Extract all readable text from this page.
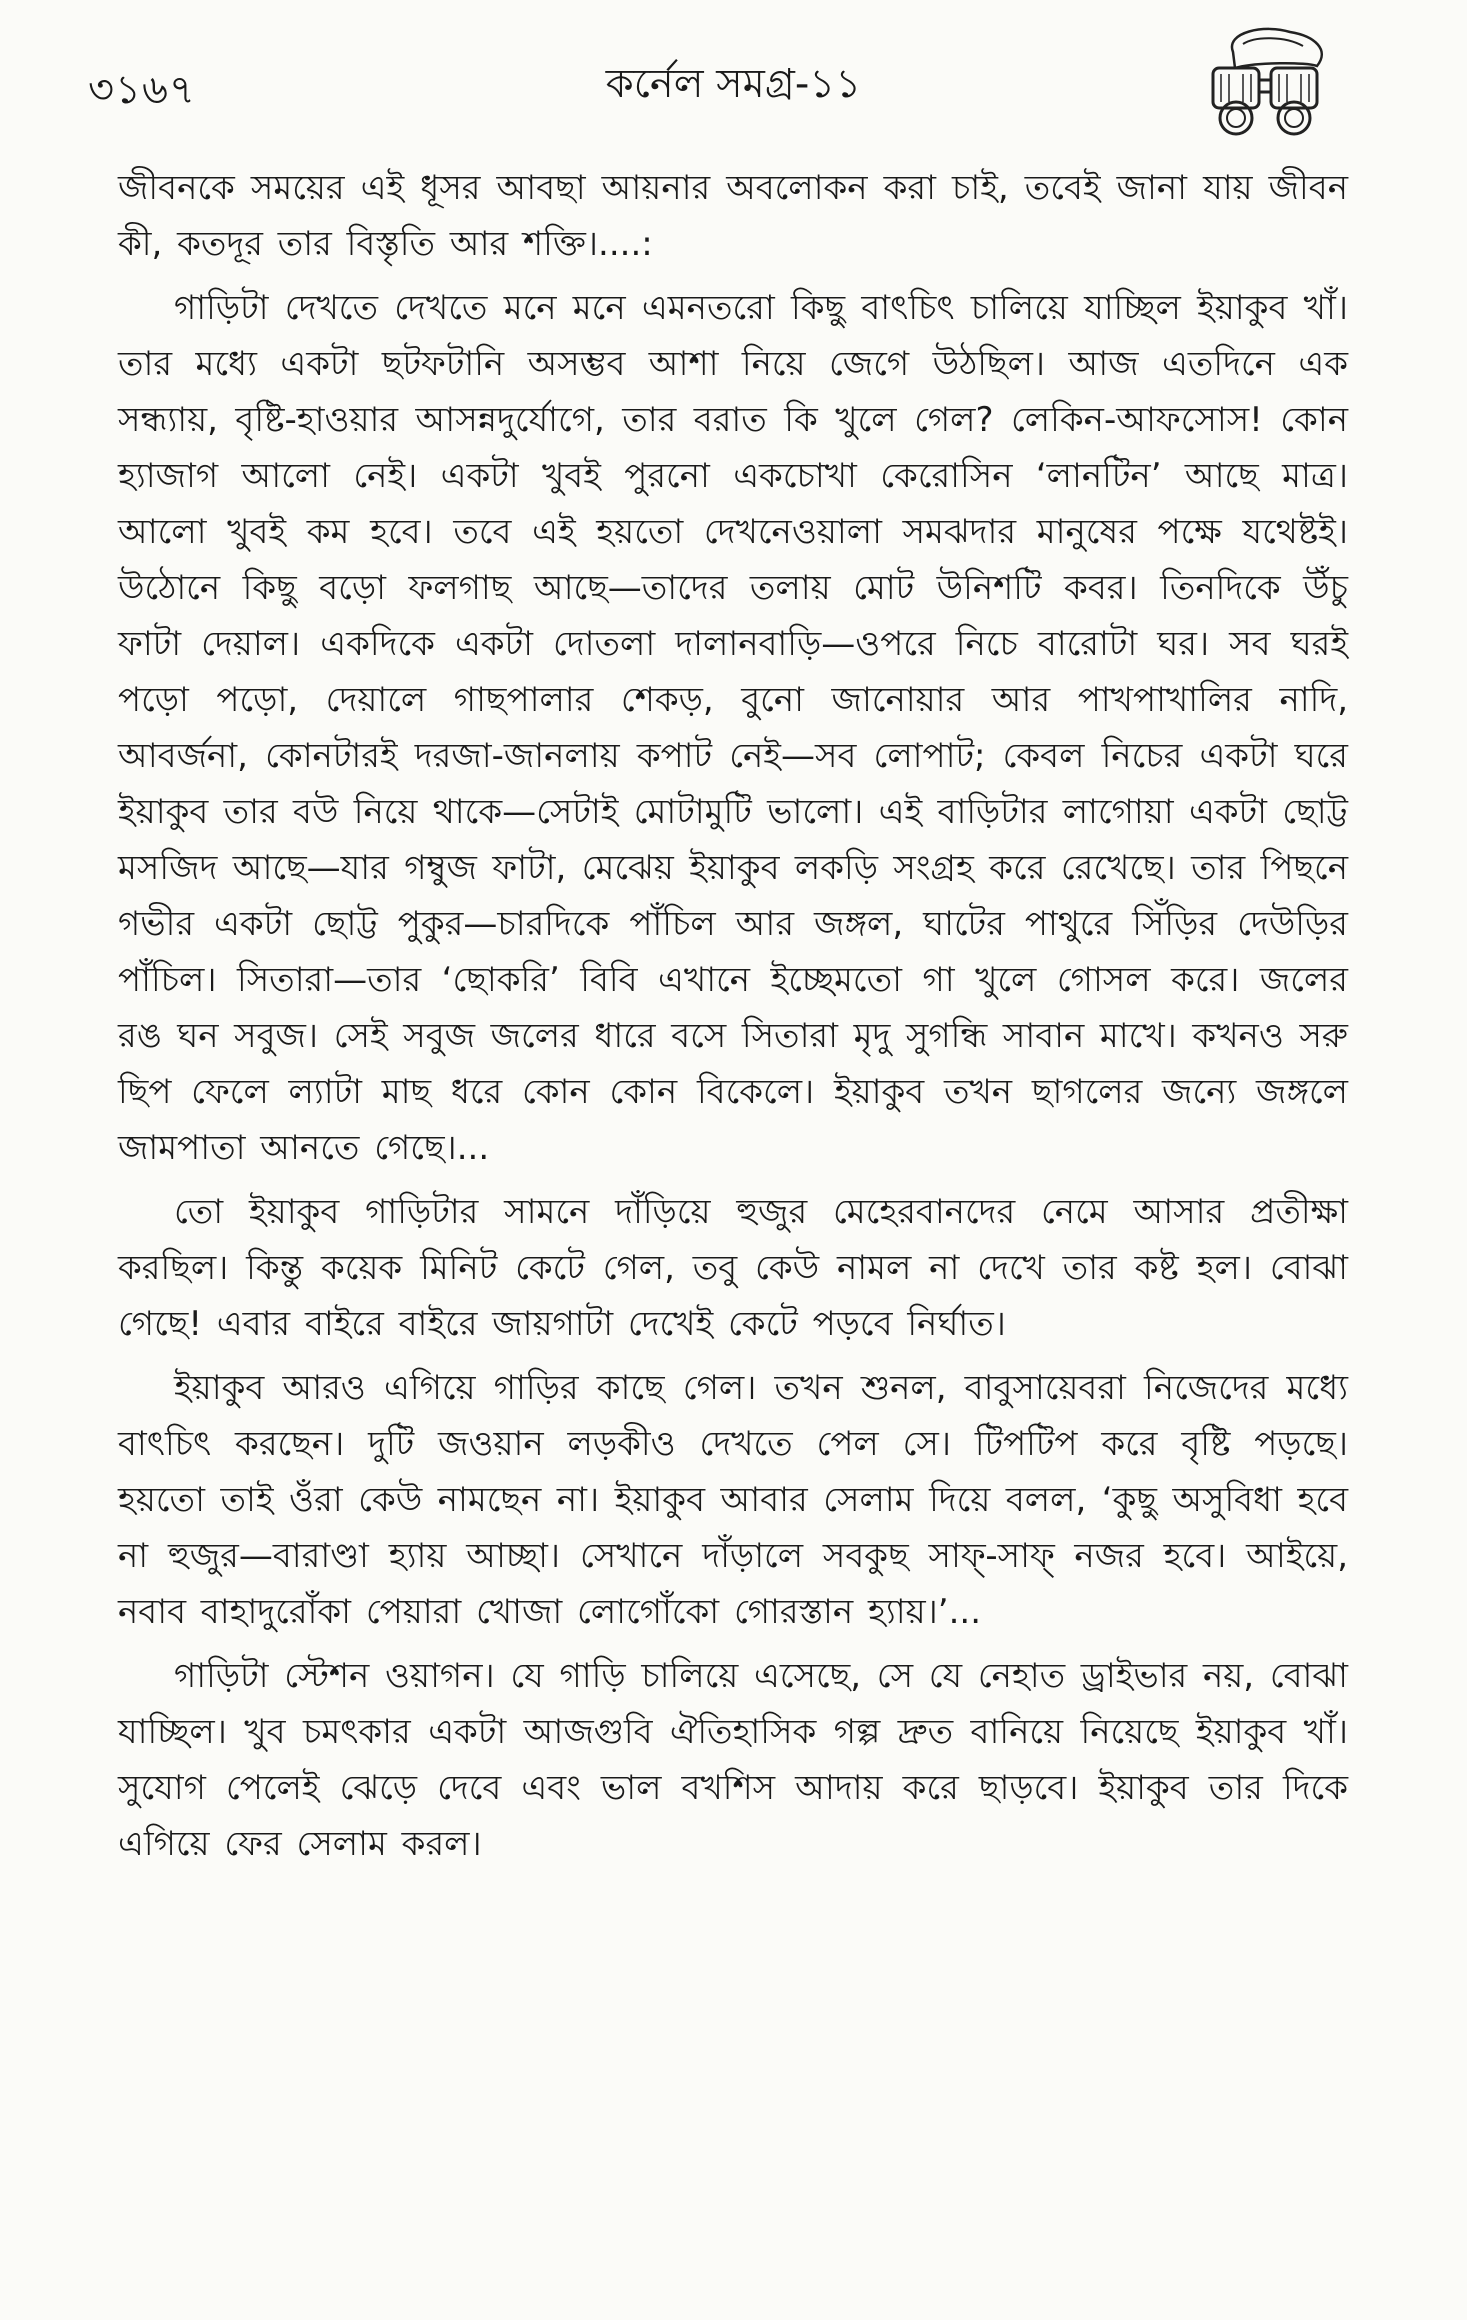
৩১৬৭	কর্নেল সমগ্র-১১

জীবনকে সময়ের এই ধূসর আবছা আয়নার অবলোকন করা চাই, তবেই জানা যায় জীবন কী, কতদূর তার বিস্তৃতি আর শক্তি।....:

গাড়িটা দেখতে দেখতে মনে মনে এমনতরো কিছু বাৎচিৎ চালিয়ে যাচ্ছিল ইয়াকুব খাঁ। তার মধ্যে একটা ছটফটানি অসম্ভব আশা নিয়ে জেগে উঠছিল। আজ এতদিনে এক সন্ধ্যায়, বৃষ্টি-হাওয়ার আসন্নদুর্যোগে, তার বরাত কি খুলে গেল? লেকিন-আফসোস! কোন হ্যাজাগ আলো নেই। একটা খুবই পুরনো একচোখা কেরোসিন ‘লানটিন’ আছে মাত্র। আলো খুবই কম হবে। তবে এই হয়তো দেখনেওয়ালা সমঝদার মানুষের পক্ষে যথেষ্টই। উঠোনে কিছু বড়ো ফলগাছ আছে—তাদের তলায় মোট উনিশটি কবর। তিনদিকে উঁচু ফাটা দেয়াল। একদিকে একটা দোতলা দালানবাড়ি—ওপরে নিচে বারোটা ঘর। সব ঘরই পড়ো পড়ো, দেয়ালে গাছপালার শেকড়, বুনো জানোয়ার আর পাখপাখালির নাদি, আবর্জনা, কোনটারই দরজা-জানলায় কপাট নেই—সব লোপাট; কেবল নিচের একটা ঘরে ইয়াকুব তার বউ নিয়ে থাকে—সেটাই মোটামুটি ভালো। এই বাড়িটার লাগোয়া একটা ছোট্ট মসজিদ আছে—যার গম্বুজ ফাটা, মেঝেয় ইয়াকুব লকড়ি সংগ্রহ করে রেখেছে। তার পিছনে গভীর একটা ছোট্ট পুকুর—চারদিকে পাঁচিল আর জঙ্গল, ঘাটের পাথুরে সিঁড়ির দেউড়ির পাঁচিল। সিতারা—তার ‘ছোকরি’ বিবি এখানে ইচ্ছেমতো গা খুলে গোসল করে। জলের রঙ ঘন সবুজ। সেই সবুজ জলের ধারে বসে সিতারা মৃদু সুগন্ধি সাবান মাখে। কখনও সরু ছিপ ফেলে ল্যাটা মাছ ধরে কোন কোন বিকেলে। ইয়াকুব তখন ছাগলের জন্যে জঙ্গলে জামপাতা আনতে গেছে।...

তো ইয়াকুব গাড়িটার সামনে দাঁড়িয়ে হুজুর মেহেরবানদের নেমে আসার প্রতীক্ষা করছিল। কিন্তু কয়েক মিনিট কেটে গেল, তবু কেউ নামল না দেখে তার কষ্ট হল। বোঝা গেছে! এবার বাইরে বাইরে জায়গাটা দেখেই কেটে পড়বে নির্ঘাত।

ইয়াকুব আরও এগিয়ে গাড়ির কাছে গেল। তখন শুনল, বাবুসায়েবরা নিজেদের মধ্যে বাৎচিৎ করছেন। দুটি জওয়ান লড়কীও দেখতে পেল সে। টিপটিপ করে বৃষ্টি পড়ছে। হয়তো তাই ওঁরা কেউ নামছেন না। ইয়াকুব আবার সেলাম দিয়ে বলল, ‘কুছু অসুবিধা হবে না হুজুর—বারাণ্ডা হ্যায় আচ্ছা। সেখানে দাঁড়ালে সবকুছ সাফ্-সাফ্ নজর হবে। আইয়ে, নবাব বাহাদুরোঁকা পেয়ারা খোজা লোগোঁকো গোরস্তান হ্যায়।’...

গাড়িটা স্টেশন ওয়াগন। যে গাড়ি চালিয়ে এসেছে, সে যে নেহাত ড্রাইভার নয়, বোঝা যাচ্ছিল। খুব চমৎকার একটা আজগুবি ঐতিহাসিক গল্প দ্রুত বানিয়ে নিয়েছে ইয়াকুব খাঁ। সুযোগ পেলেই ঝেড়ে দেবে এবং ভাল বখশিস আদায় করে ছাড়বে। ইয়াকুব তার দিকে এগিয়ে ফের সেলাম করল।
